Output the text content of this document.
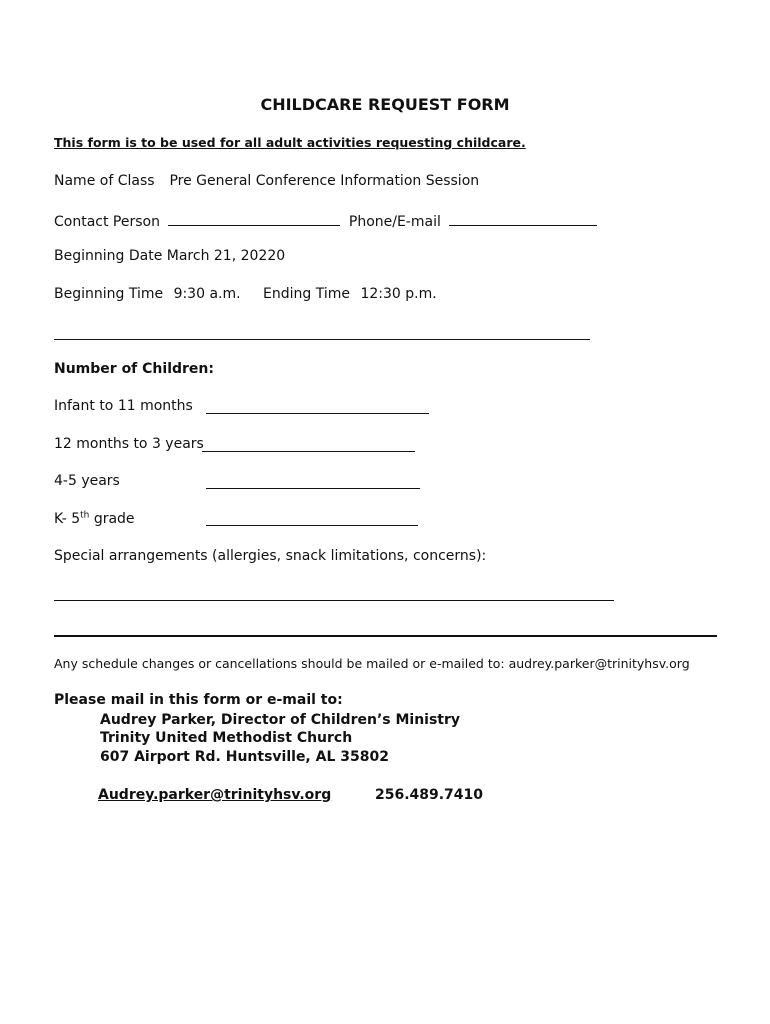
CHILDCARE REQUEST FORM
This form is to be used for all adult activities requesting childcare.
Name of Class Pre General Conference Information Session
Contact Person	Phone/E-mail
Beginning Date March 21, 20220
Beginning Time 9:30 a.m. Ending Time 12:30 p.m.
Number of Children:
Infant to 11 months
12 months to 3 years
4-5 years
K- 5th grade
Special arrangements (allergies, snack limitations, concerns):
Any schedule changes or cancellations should be mailed or e-mailed to: audrey.parker@trinityhsv.org
Please mail in this form or e-mail to:
Audrey Parker, Director of Children’s Ministry
Trinity United Methodist Church
607 Airport Rd. Huntsville, AL 35802
Audrey.parker@trinityhsv.org	256.489.7410
